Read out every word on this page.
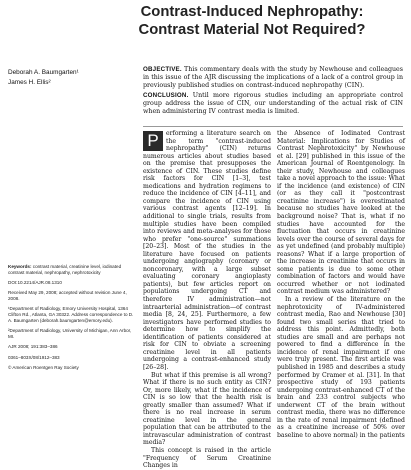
Contrast-Induced Nephropathy:
Contrast Material Not Required?
Deborah A. Baumgarten¹
James H. Ellis²

OBJECTIVE. This commentary deals with the study by Newhouse and colleagues in this issue of the AJR discussing the implications of a lack of a control group in previously published studies on contrast-induced nephropathy (CIN).

CONCLUSION. Until more rigorous studies including an appropriate control group address the issue of CIN, our understanding of the actual risk of CIN when administering IV contrast media is limited.

P	erforming a literature search on the term "contrast-induced nephropathy" (CIN) returns numerous articles about studies based on the premise that presupposes the existence of CIN. These studies define risk factors for CIN [1–3], test medications and hydration regimens to reduce the incidence of CIN [4–11], and compare the incidence of CIN using various contrast agents [12–19]. In additional to single trials, results from multiple studies have been compiled into reviews and meta-analyses for those who prefer "one-source" summations [20–23]. Most of the studies in the literature have focused on patients undergoing angiography (coronary or noncoronary, with a large subset evaluating coronary angioplasty patients), but few articles report on populations undergoing CT and therefore IV administration—not intraarterial administration—of contrast media [8, 24, 25]. Furthermore, a few investigators have performed studies to determine how to simplify the identification of patients considered at risk for CIN to obviate a screening creatinine level in all patients undergoing a contrast-enhanced study [26–28].

But what if this premise is all wrong? What if there is no such entity as CIN? Or, more likely, what if the incidence of CIN is so low that the health risk is greatly smaller than assumed? What if there is no real increase in serum creatinine level in the general population that can be attributed to the intravascular administration of contrast media?

This concept is raised in the article "Frequency of Serum Creatinine Changes in

the Absence of Iodinated Contrast Material: Implications for Studies of Contrast Nephrotoxicity" by Newhouse et al. [29] published in this issue of the American Journal of Roentgenology. In their study, Newhouse and colleagues take a novel approach to the issue: What if the incidence (and existence) of CIN (or as they call it "postcontrast creatinine increase") is overestimated because no studies have looked at the background noise? That is, what if no studies have accounted for the fluctuation that occurs in creatinine levels over the course of several days for as yet undefined (and probably multiple) reasons? What if a large proportion of the increase in creatinine that occurs in some patients is due to some other combination of factors and would have occurred whether or not iodinated contrast medium was administered?

In a review of the literature on the nephrotoxicity of IV-administered contrast media, Rao and Newhouse [30] found two small series that tried to address this point. Admittedly, both studies are small and are perhaps not powered to find a difference in the incidence of renal impairment if one were truly present. The first article was published in 1985 and describes a study performed by Cramer et al. [31]. In that prospective study of 193 patients undergoing contrast-enhanced CT of the brain and 233 control subjects who underwent CT of the brain without contrast media, there was no difference in the rate of renal impairment (defined as a creatinine increase of 50% over baseline to above normal) in the patients

Keywords: contrast material, creatinine level, iodinated contrast material, nephropathy, nephrotoxicity
DOI:10.2214/AJR.08.1310
Received May 29, 2008; accepted without revision June 4, 2008.
¹Department of Radiology, Emory University Hospital, 1364 Clifton Rd., Atlanta, GA 30322. Address correspondence to D. A. Baumgarten (deborah.baumgarten@emory.edu).
²Department of Radiology, University of Michigan, Ann Arbor, MI.
AJR 2008; 191:383–386
0361–803X/08/1912–383
© American Roentgen Ray Society
